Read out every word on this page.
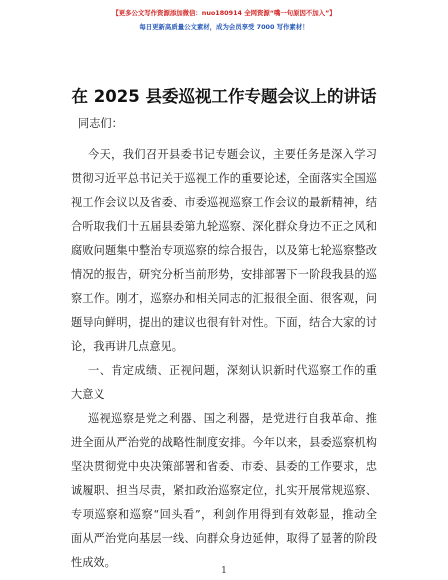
【更多公文写作资源添加微信：nuo180914 全网资源“嘴一句原因不加入”】
每日更新高质量公文素材，成为会员享受 7000 写作素材！
在 2025 县委巡视工作专题会议上的讲话
同志们：
今天，我们召开县委书记专题会议，主要任务是深入学习
贯彻习近平总书记关于巡视工作的重要论述，全面落实全国巡
视工作会议以及省委、市委巡视巡察工作会议的最新精神，结
合听取我们十五届县委第九轮巡察、深化群众身边不正之风和
腐败问题集中整治专项巡察的综合报告，以及第七轮巡察整改
情况的报告，研究分析当前形势，安排部署下一阶段我县的巡
察工作。刚才，巡察办和相关同志的汇报很全面、很客观，问
题导向鲜明，提出的建议也很有针对性。下面，结合大家的讨
论，我再讲几点意见。
一、肯定成绩、正视问题，深刻认识新时代巡察工作的重
大意义
巡视巡察是党之利器、国之利器，是党进行自我革命、推
进全面从严治党的战略性制度安排。今年以来，县委巡察机构
坚决贯彻党中央决策部署和省委、市委、县委的工作要求，忠
诚履职、担当尽责，紧扣政治巡察定位，扎实开展常规巡察、
专项巡察和巡察“回头看”，利剑作用得到有效彰显，推动全
面从严治党向基层一线、向群众身边延伸，取得了显著的阶段
性成效。
1
